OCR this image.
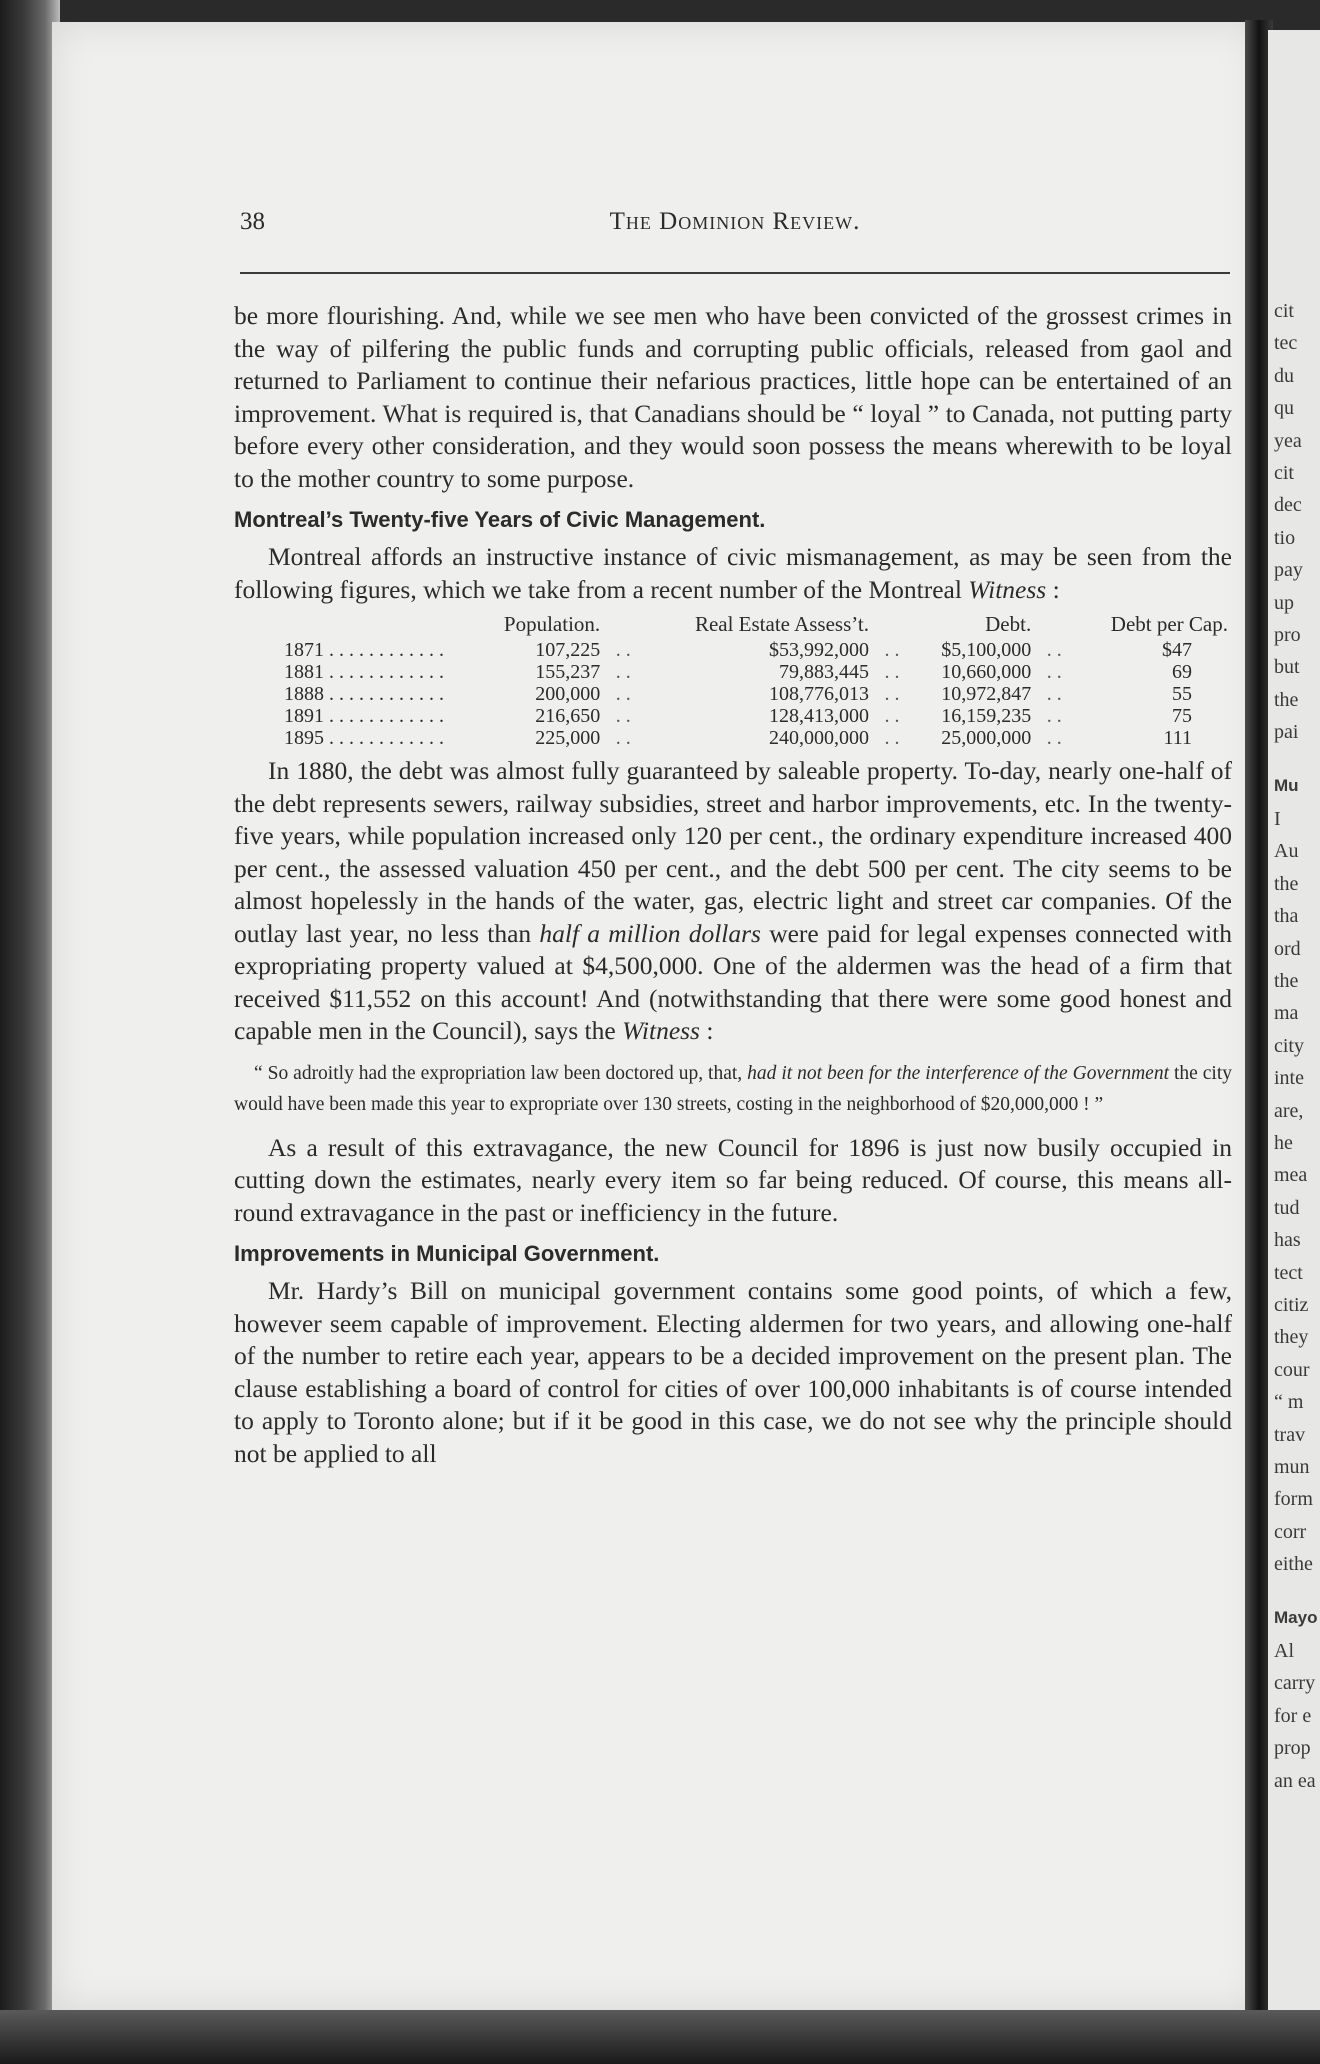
cit
tec
du
qu
yea
cit
dec
tio
pay
up
pro
but
the
pai
Mu
I
Au
the
tha
ord
the
ma
city
inte
are,
he
mea
tud
has
tect
citiz
they
cour
“ m
trav
mun
form
corr
eithe
Mayo
Al
carry
for e
prop
an ea
38	The Dominion Review.

be more flourishing. And, while we see men who have been convicted of the grossest crimes in the way of pilfering the public funds and corrupting public officials, released from gaol and returned to Parliament to continue their nefarious practices, little hope can be entertained of an improvement. What is required is, that Canadians should be “ loyal ” to Canada, not putting party before every other consideration, and they would soon possess the means wherewith to be loyal to the mother country to some purpose.

Montreal’s Twenty-five Years of Civic Management.

Montreal affords an instructive instance of civic mismanagement, as may be seen from the following figures, which we take from a recent number of the Montreal Witness :

	Population.		Real Estate Assess’t.		Debt.		Debt per Cap.
1871 . . . . . . . . . . . .	107,225	. .	$53,992,000	. .	$5,100,000	. .	$47
1881 . . . . . . . . . . . .	155,237	. .	79,883,445	. .	10,660,000	. .	69
1888 . . . . . . . . . . . .	200,000	. .	108,776,013	. .	10,972,847	. .	55
1891 . . . . . . . . . . . .	216,650	. .	128,413,000	. .	16,159,235	. .	75
1895 . . . . . . . . . . . .	225,000	. .	240,000,000	. .	25,000,000	. .	111

In 1880, the debt was almost fully guaranteed by saleable property. To-day, nearly one-half of the debt represents sewers, railway subsidies, street and harbor improvements, etc. In the twenty-five years, while population increased only 120 per cent., the ordinary expenditure increased 400 per cent., the assessed valuation 450 per cent., and the debt 500 per cent. The city seems to be almost hopelessly in the hands of the water, gas, electric light and street car companies. Of the outlay last year, no less than half a million dollars were paid for legal expenses connected with expropriating property valued at $4,500,000. One of the aldermen was the head of a firm that received $11,552 on this account! And (notwithstanding that there were some good honest and capable men in the Council), says the Witness :

“ So adroitly had the expropriation law been doctored up, that, had it not been for the interference of the Government the city would have been made this year to expropriate over 130 streets, costing in the neighborhood of $20,000,000 ! ”

As a result of this extravagance, the new Council for 1896 is just now busily occupied in cutting down the estimates, nearly every item so far being reduced. Of course, this means all-round extravagance in the past or inefficiency in the future.

Improvements in Municipal Government.

Mr. Hardy’s Bill on municipal government contains some good points, of which a few, however seem capable of improvement. Electing aldermen for two years, and allowing one-half of the number to retire each year, appears to be a decided improvement on the present plan. The clause establishing a board of control for cities of over 100,000 inhabitants is of course intended to apply to Toronto alone; but if it be good in this case, we do not see why the principle should not be applied to all
